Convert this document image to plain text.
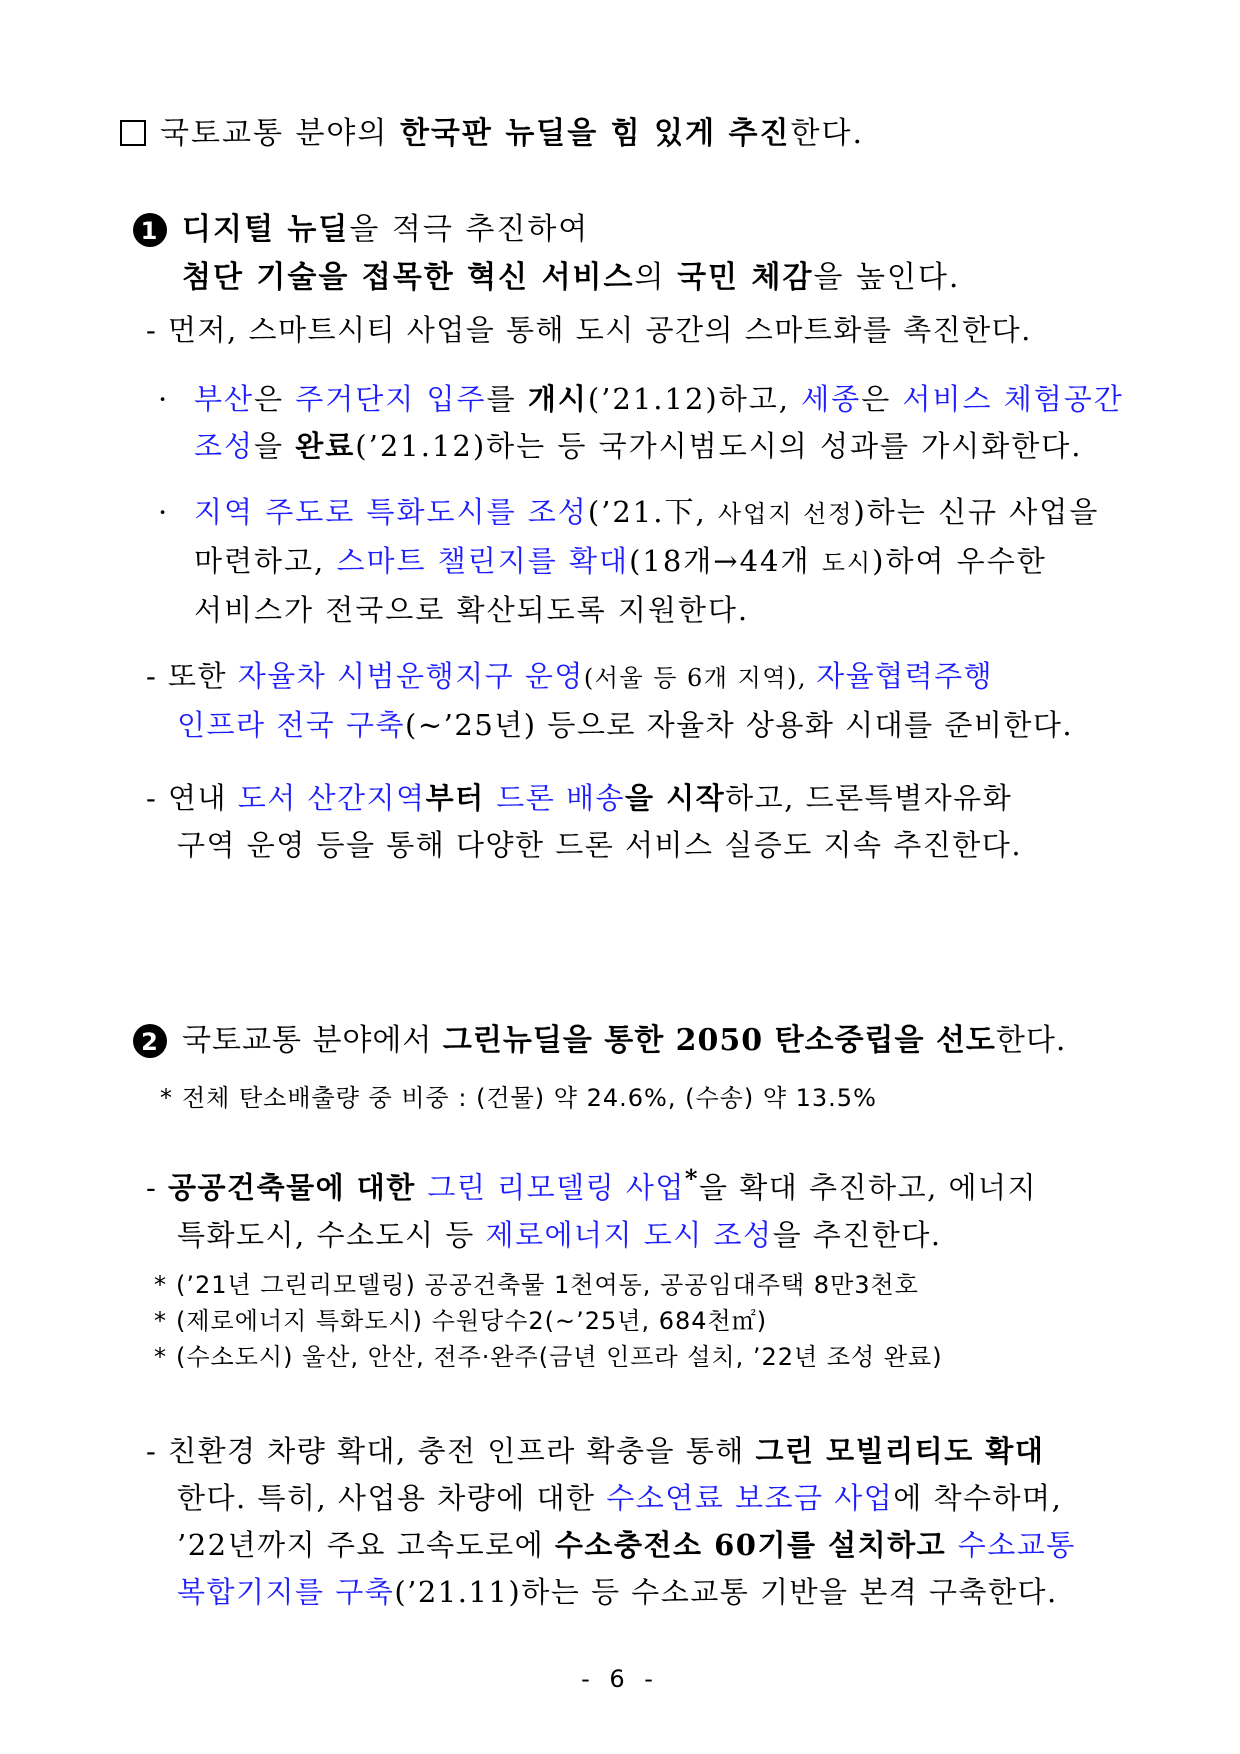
국토교통 분야의 한국판 뉴딜을 힘 있게 추진한다.
1 디지털 뉴딜을 적극 추진하여
첨단 기술을 접목한 혁신 서비스의 국민 체감을 높인다.
- 먼저, 스마트시티 사업을 통해 도시 공간의 스마트화를 촉진한다.
· 부산은 주거단지 입주를 개시(’21.12)하고, 세종은 서비스 체험공간
조성을 완료(’21.12)하는 등 국가시범도시의 성과를 가시화한다.
· 지역 주도로 특화도시를 조성(’21.下, 사업지 선정)하는 신규 사업을
마련하고, 스마트 챌린지를 확대(18개→44개 도시)하여 우수한
서비스가 전국으로 확산되도록 지원한다.
- 또한 자율차 시범운행지구 운영(서울 등 6개 지역), 자율협력주행
인프라 전국 구축(~’25년) 등으로 자율차 상용화 시대를 준비한다.
- 연내 도서 산간지역부터 드론 배송을 시작하고, 드론특별자유화
구역 운영 등을 통해 다양한 드론 서비스 실증도 지속 추진한다.
2 국토교통 분야에서 그린뉴딜을 통한 2050 탄소중립을 선도한다.
* 전체 탄소배출량 중 비중 : (건물) 약 24.6%, (수송) 약 13.5%
- 공공건축물에 대한 그린 리모델링 사업*을 확대 추진하고, 에너지
특화도시, 수소도시 등 제로에너지 도시 조성을 추진한다.
* (’21년 그린리모델링) 공공건축물 1천여동, 공공임대주택 8만3천호
* (제로에너지 특화도시) 수원당수2(~’25년, 684천㎡)
* (수소도시) 울산, 안산, 전주·완주(금년 인프라 설치, ’22년 조성 완료)
- 친환경 차량 확대, 충전 인프라 확충을 통해 그린 모빌리티도 확대
한다. 특히, 사업용 차량에 대한 수소연료 보조금 사업에 착수하며,
’22년까지 주요 고속도로에 수소충전소 60기를 설치하고 수소교통
복합기지를 구축(’21.11)하는 등 수소교통 기반을 본격 구축한다.
- 6 -
